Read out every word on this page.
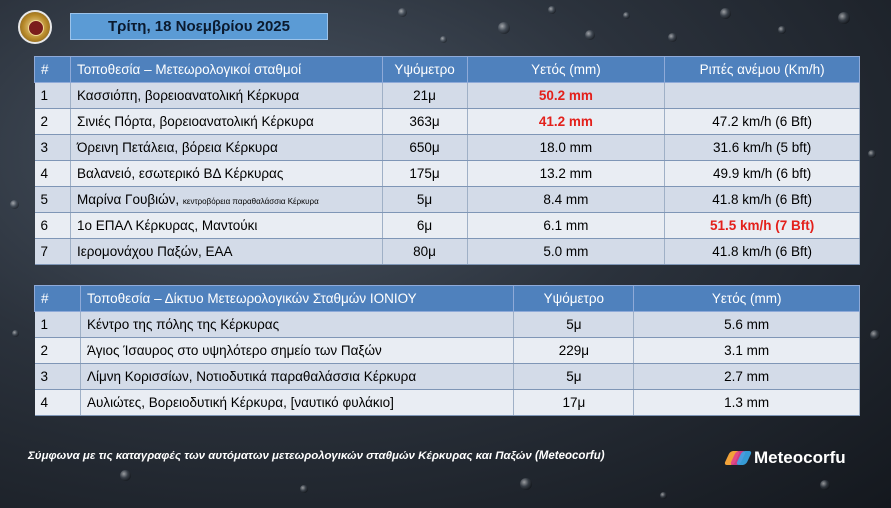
Τρίτη, 18 Νοεμβρίου 2025
#	Τοποθεσία – Μετεωρολογικοί σταθμοί	Υψόμετρο	Υετός (mm)	Ριπές ανέμου (Km/h)
1	Κασσιόπη, βορειοανατολική Κέρκυρα	21μ	50.2 mm	
2	Σινιές Πόρτα, βορειοανατολική Κέρκυρα	363μ	41.2 mm	47.2 km/h (6 Bft)
3	Όρεινη Πετάλεια, βόρεια Κέρκυρα	650μ	18.0 mm	31.6 km/h (5 bft)
4	Βαλανειό, εσωτερικό ΒΔ Κέρκυρας	175μ	13.2 mm	49.9 km/h (6 bft)
5	Μαρίνα Γουβιών, κεντροβόρεια παραθαλάσσια Κέρκυρα	5μ	8.4 mm	41.8 km/h (6 Bft)
6	1ο ΕΠΑΛ Κέρκυρας, Μαντούκι	6μ	6.1 mm	51.5 km/h (7 Bft)
7	Ιερομονάχου Παξών, ΕΑΑ	80μ	5.0 mm	41.8 km/h (6 Bft)
#	Τοποθεσία – Δίκτυο Μετεωρολογικών Σταθμών ΙΟΝΙΟΥ	Υψόμετρο	Υετός (mm)
1	Κέντρο της πόλης της Κέρκυρας	5μ	5.6 mm
2	Άγιος Ίσαυρος στο υψηλότερο σημείο των Παξών	229μ	3.1 mm
3	Λίμνη Κορισσίων, Νοτιοδυτικά παραθαλάσσια Κέρκυρα	5μ	2.7 mm
4	Αυλιώτες, Βορειοδυτική Κέρκυρα, [ναυτικό φυλάκιο]	17μ	1.3 mm
Σύμφωνα με τις καταγραφές των αυτόματων μετεωρολογικών σταθμών Κέρκυρας και Παξών (Meteocorfu)	Meteocorfu
